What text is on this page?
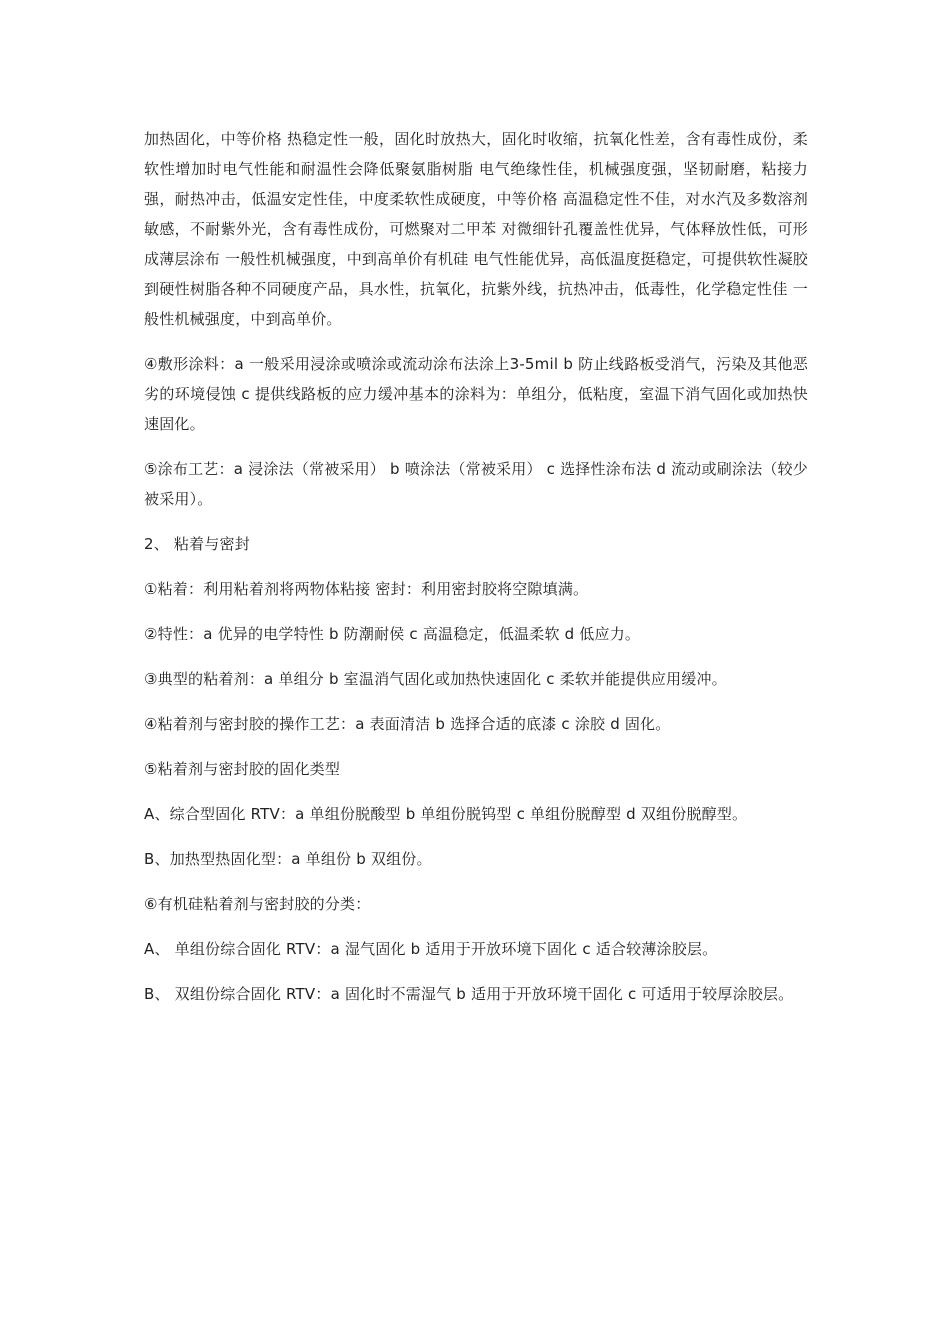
加热固化，中等价格 热稳定性一般，固化时放热大，固化时收缩，抗氧化性差，含有毒性成份，柔软性增加时电气性能和耐温性会降低聚氨脂树脂 电气绝缘性佳，机械强度强，坚韧耐磨，粘接力强，耐热冲击，低温安定性佳，中度柔软性成硬度，中等价格 高温稳定性不佳，对水汽及多数溶剂敏感，不耐紫外光，含有毒性成份，可燃聚对二甲苯 对微细针孔覆盖性优异，气体释放性低，可形成薄层涂布 一般性机械强度，中到高单价有机硅 电气性能优异，高低温度挺稳定，可提供软性凝胶到硬性树脂各种不同硬度产品，具水性，抗氧化，抗紫外线，抗热冲击，低毒性，化学稳定性佳 一般性机械强度，中到高单价。

④敷形涂料：a 一般采用浸涂或喷涂或流动涂布法涂上3-5mil b 防止线路板受消气，污染及其他恶劣的环境侵蚀 c 提供线路板的应力缓冲基本的涂料为：单组分，低粘度，室温下消气固化或加热快速固化。

⑤涂布工艺：a 浸涂法（常被采用） b 喷涂法（常被采用） c 选择性涂布法 d 流动或刷涂法（较少被采用）。

2、 粘着与密封

①粘着：利用粘着剂将两物体粘接 密封：利用密封胶将空隙填满。

②特性：a 优异的电学特性 b 防潮耐侯 c 高温稳定，低温柔软 d 低应力。

③典型的粘着剂：a 单组分 b 室温消气固化或加热快速固化 c 柔软并能提供应用缓冲。

④粘着剂与密封胶的操作工艺：a 表面清洁 b 选择合适的底漆 c 涂胶 d 固化。

⑤粘着剂与密封胶的固化类型

A、综合型固化 RTV：a 单组份脱酸型 b 单组份脱钨型 c 单组份脱醇型 d 双组份脱醇型。

B、加热型热固化型：a 单组份 b 双组份。

⑥有机硅粘着剂与密封胶的分类：

A、 单组份综合固化 RTV：a 湿气固化 b 适用于开放环境下固化 c 适合较薄涂胶层。

B、 双组份综合固化 RTV：a 固化时不需湿气 b 适用于开放环境干固化 c 可适用于较厚涂胶层。
